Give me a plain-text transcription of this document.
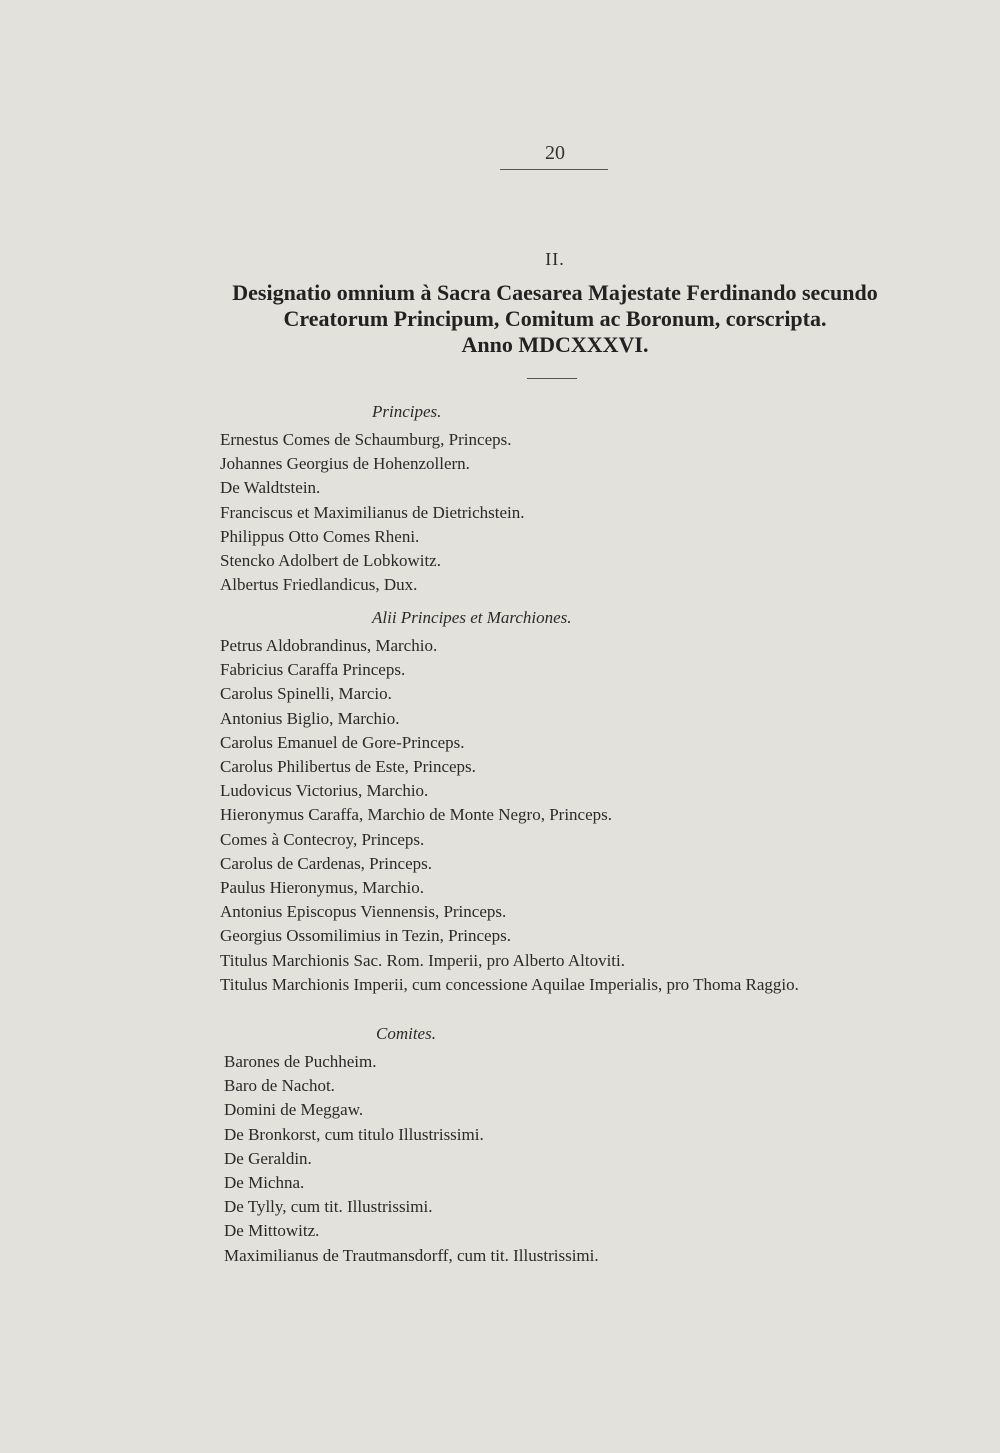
20
II.
Designatio omnium à Sacra Caesarea Majestate Ferdinando secundo
Creatorum Principum, Comitum ac Boronum, corscripta.
Anno MDCXXXVI.
Principes.
Ernestus Comes de Schaumburg, Princeps.
Johannes Georgius de Hohenzollern.
De Waldtstein.
Franciscus et Maximilianus de Dietrichstein.
Philippus Otto Comes Rheni.
Stencko Adolbert de Lobkowitz.
Albertus Friedlandicus, Dux.
Alii Principes et Marchiones.
Petrus Aldobrandinus, Marchio.
Fabricius Caraffa Princeps.
Carolus Spinelli, Marcio.
Antonius Biglio, Marchio.
Carolus Emanuel de Gore-Princeps.
Carolus Philibertus de Este, Princeps.
Ludovicus Victorius, Marchio.
Hieronymus Caraffa, Marchio de Monte Negro, Princeps.
Comes à Contecroy, Princeps.
Carolus de Cardenas, Princeps.
Paulus Hieronymus, Marchio.
Antonius Episcopus Viennensis, Princeps.
Georgius Ossomilimius in Tezin, Princeps.
Titulus Marchionis Sac. Rom. Imperii, pro Alberto Altoviti.
Titulus Marchionis Imperii, cum concessione Aquilae Imperialis, pro Thoma Raggio.
Comites.
Barones de Puchheim.
Baro de Nachot.
Domini de Meggaw.
De Bronkorst, cum titulo Illustrissimi.
De Geraldin.
De Michna.
De Tylly, cum tit. Illustrissimi.
De Mittowitz.
Maximilianus de Trautmansdorff, cum tit. Illustrissimi.
